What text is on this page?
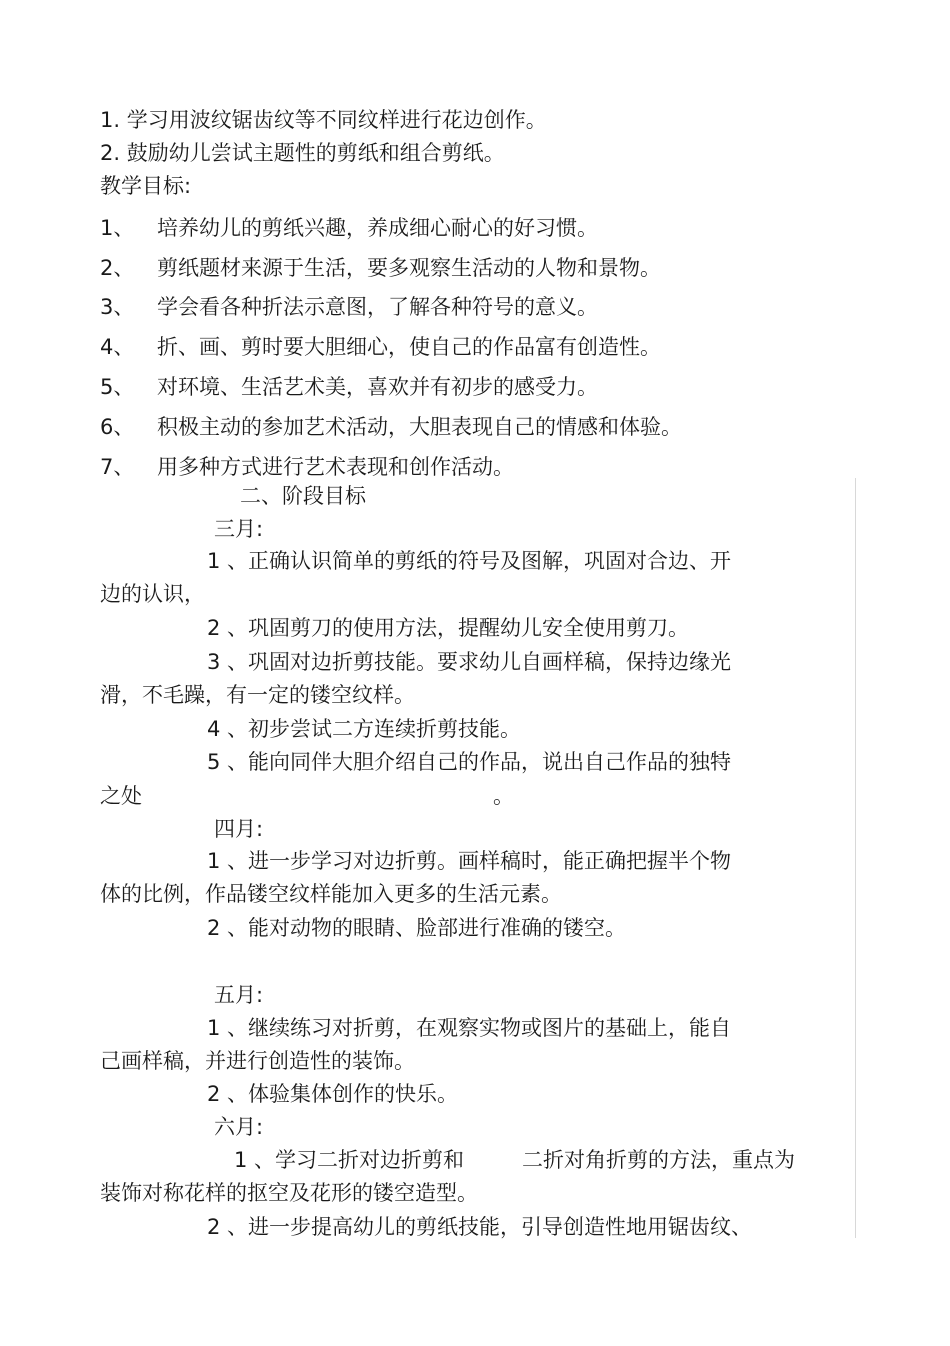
1. 学习用波纹锯齿纹等不同纹样进行花边创作。
2. 鼓励幼儿尝试主题性的剪纸和组合剪纸。
教学目标:
1、 培养幼儿的剪纸兴趣，养成细心耐心的好习惯。
2、 剪纸题材来源于生活，要多观察生活动的人物和景物。
3、 学会看各种折法示意图，了解各种符号的意义。
4、 折、画、剪时要大胆细心，使自己的作品富有创造性。
5、 对环境、生活艺术美，喜欢并有初步的感受力。
6、 积极主动的参加艺术活动，大胆表现自己的情感和体验。
7、 用多种方式进行艺术表现和创作活动。
二、阶段目标
三月:
1 、正确认识简单的剪纸的符号及图解，巩固对合边、开
边的认识，
2 、巩固剪刀的使用方法，提醒幼儿安全使用剪刀。
3 、巩固对边折剪技能。要求幼儿自画样稿，保持边缘光
滑，不毛躁，有一定的镂空纹样。
4 、初步尝试二方连续折剪技能。
5 、能向同伴大胆介绍自己的作品，说出自己作品的独特
之处	。
四月:
1 、进一步学习对边折剪。画样稿时，能正确把握半个物
体的比例，作品镂空纹样能加入更多的生活元素。
2 、能对动物的眼睛、脸部进行准确的镂空。
五月:
1 、继续练习对折剪，在观察实物或图片的基础上，能自
己画样稿，并进行创造性的装饰。
2 、体验集体创作的快乐。
六月:
1 、学习二折对边折剪和	二折对角折剪的方法，重点为
装饰对称花样的抠空及花形的镂空造型。
2 、进一步提高幼儿的剪纸技能，引导创造性地用锯齿纹、
